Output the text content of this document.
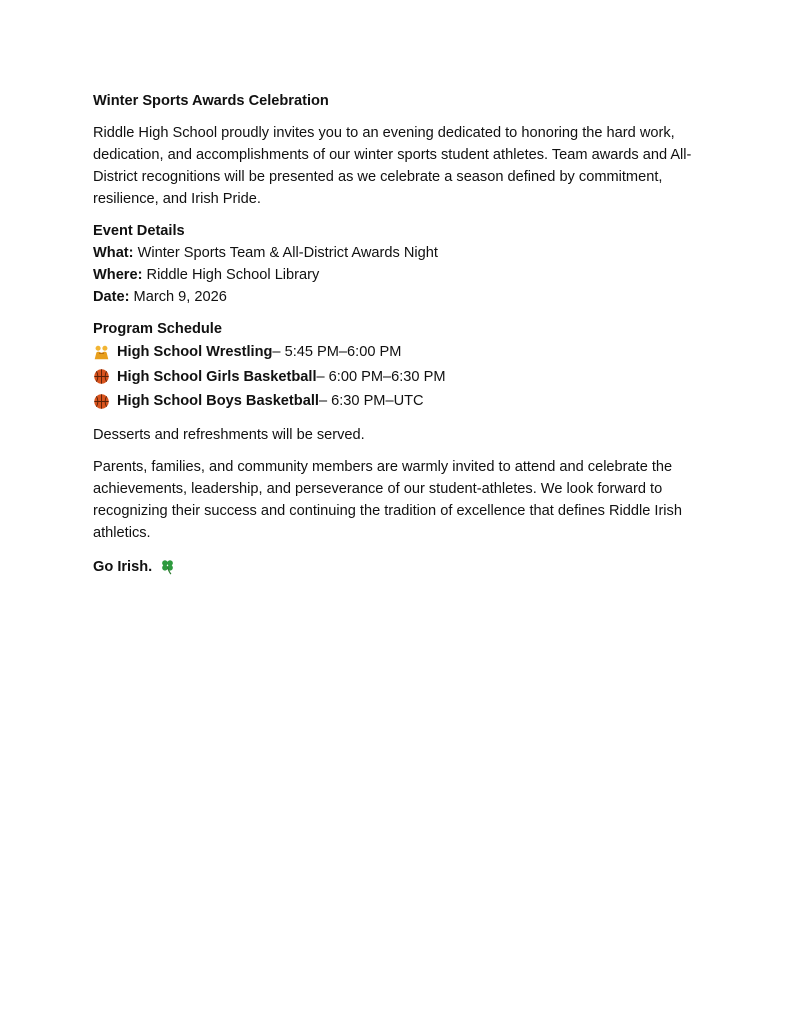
Winter Sports Awards Celebration

Riddle High School proudly invites you to an evening dedicated to honoring the hard work, dedication, and accomplishments of our winter sports student athletes. Team awards and All-District recognitions will be presented as we celebrate a season defined by commitment, resilience, and Irish Pride.

Event Details
What: Winter Sports Team & All-District Awards Night
Where: Riddle High School Library
Date: March 9, 2026
Program Schedule
High School Wrestling – 5:45 PM–6:00 PM
High School Girls Basketball – 6:00 PM–6:30 PM
High School Boys Basketball – 6:30 PM–UTC

Desserts and refreshments will be served.

Parents, families, and community members are warmly invited to attend and celebrate the achievements, leadership, and perseverance of our student-athletes. We look forward to recognizing their success and continuing the tradition of excellence that defines Riddle Irish athletics.

Go Irish.
